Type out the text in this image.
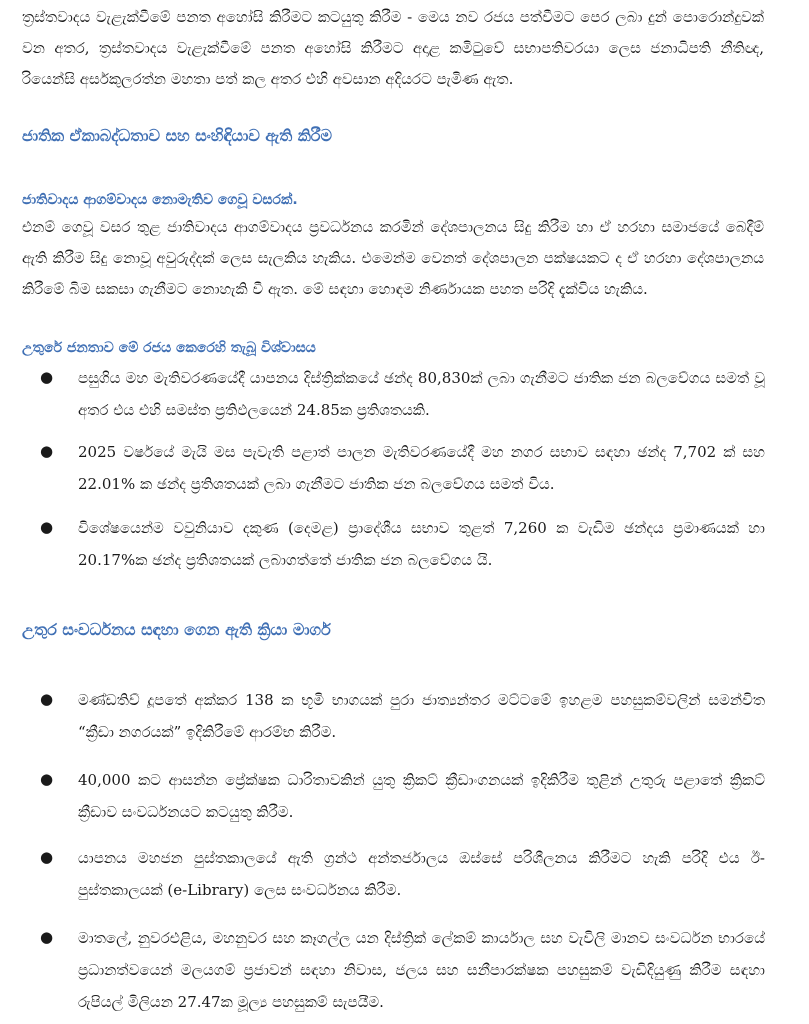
ත්‍රස්තවාදය වැළැක්වීමේ පනත අහෝසි කිරීමට කටයුතු කිරීම - මෙය නව රජය පත්වීමට පෙර ලබා දුන් පොරොන්දුවක් වන අතර, ත්‍රස්තවාදය වැළැක්වීමේ පනත අහෝසි කිරීමට අදාළ කමිටුවේ සභාපතිවරයා ලෙස ජනාධිපති නීතිඥ, රියෙන්සි අර්සකුලරත්න මහතා පත් කල අතර එහි අවසාන අදියරට පැමිණ ඇත.

ජාතික ඒකාබද්ධතාව සහ සංහිඳියාව ඇති කිරීම
ජාතිවාදය ආගම්වාදය නොමැතිව ගෙවූ වසරක්.

එනම් ගෙවූ වසර තුළ ජාතිවාදය ආගම්වාදය ප්‍රවර්ධනය කරමින් දේශපාලනය සිදු කිරීම හා ඒ හරහා සමාජයේ බෙදීම් ඇති කිරීම සිදු නොවූ අවුරුද්දක් ලෙස සැලකිය හැකිය. එමෙන්ම වෙනත් දේශපාලන පක්ෂයකට ද ඒ හරහා දේශපාලනය කිරීමේ බිම සකසා ගැනීමට නොහැකි වී ඇත. මේ සඳහා හොඳම නිර්ණායක පහත පරිදි දැක්විය හැකිය.

උතුරේ ජනතාව මේ රජය කෙරෙහි තැබූ විශ්වාසය
● පසුගිය මහ මැතිවරණයේදී යාපනය දිස්ත්‍රික්කයේ ඡන්ද 80,830ක් ලබා ගැනීමට ජාතික ජන බලවේගය සමත් වූ අතර එය එහි සමස්ත ප්‍රතිඵලයෙන් 24.85ක ප්‍රතිශතයකි.
● 2025 වර්ෂයේ මැයි මස පැවැති පළාත් පාලන මැතිවරණයේදී මහ නගර සභාව සඳහා ඡන්ද 7,702 ක් සහ 22.01% ක ඡන්ද ප්‍රතිශතයක් ලබා ගැනීමට ජාතික ජන බලවේගය සමත් විය.
● විශේෂයෙන්ම වවුනියාව දකුණ (දෙමළ) ප්‍රාදේශීය සභාව තුළත් 7,260 ක වැඩිම ඡන්දය ප්‍රමාණයක් හා 20.17%ක ඡන්ද ප්‍රතිශතයක් ලබාගත්තේ ජාතික ජන බලවේගය යි.
උතුර සංවර්ධනය සඳහා ගෙන ඇති ක්‍රියා මාර්ග
● මණ්ඩතිව් දූපතේ අක්කර 138 ක භූමි භාගයක් පුරා ජාත්‍යන්තර මට්ටමේ ඉහළම පහසුකම්වලින් සමන්විත “ක්‍රීඩා නගරයක්” ඉදිකිරීමේ ආරම්භ කිරීම.
● 40,000 කට ආසන්න ප්‍රේක්ෂක ධාරිතාවකින් යුතු ක්‍රිකට් ක්‍රීඩාංගනයක් ඉදිකිරීම තුළින් උතුරු පළාතේ ක්‍රිකට් ක්‍රීඩාව සංවර්ධනයට කටයුතු කිරීම.
● යාපනය මහජන පුස්තකාලයේ ඇති ග්‍රන්ථ අන්තර්ජාලය ඔස්සේ පරිශීලනය කිරීමට හැකි පරිදි එය ඊ- පුස්තකාලයක් (e-Library) ලෙස සංවර්ධනය කිරීම.
● මාතලේ, නුවරඑළිය, මහනුවර සහ කෑගල්ල යන දිස්ත්‍රික් ලේකම් කාර්යාල සහ වැවිලි මානව සංවර්ධන භාරයේ ප්‍රධානත්වයෙන් මලයගම් ප්‍රජාවන් සඳහා නිවාස, ජලය සහ සනීපාරක්ෂක පහසුකම් වැඩිදියුණු කිරීම සඳහා රුපියල් මිලියන 27.47ක මූල්‍ය පහසුකම් සැපයීම.
